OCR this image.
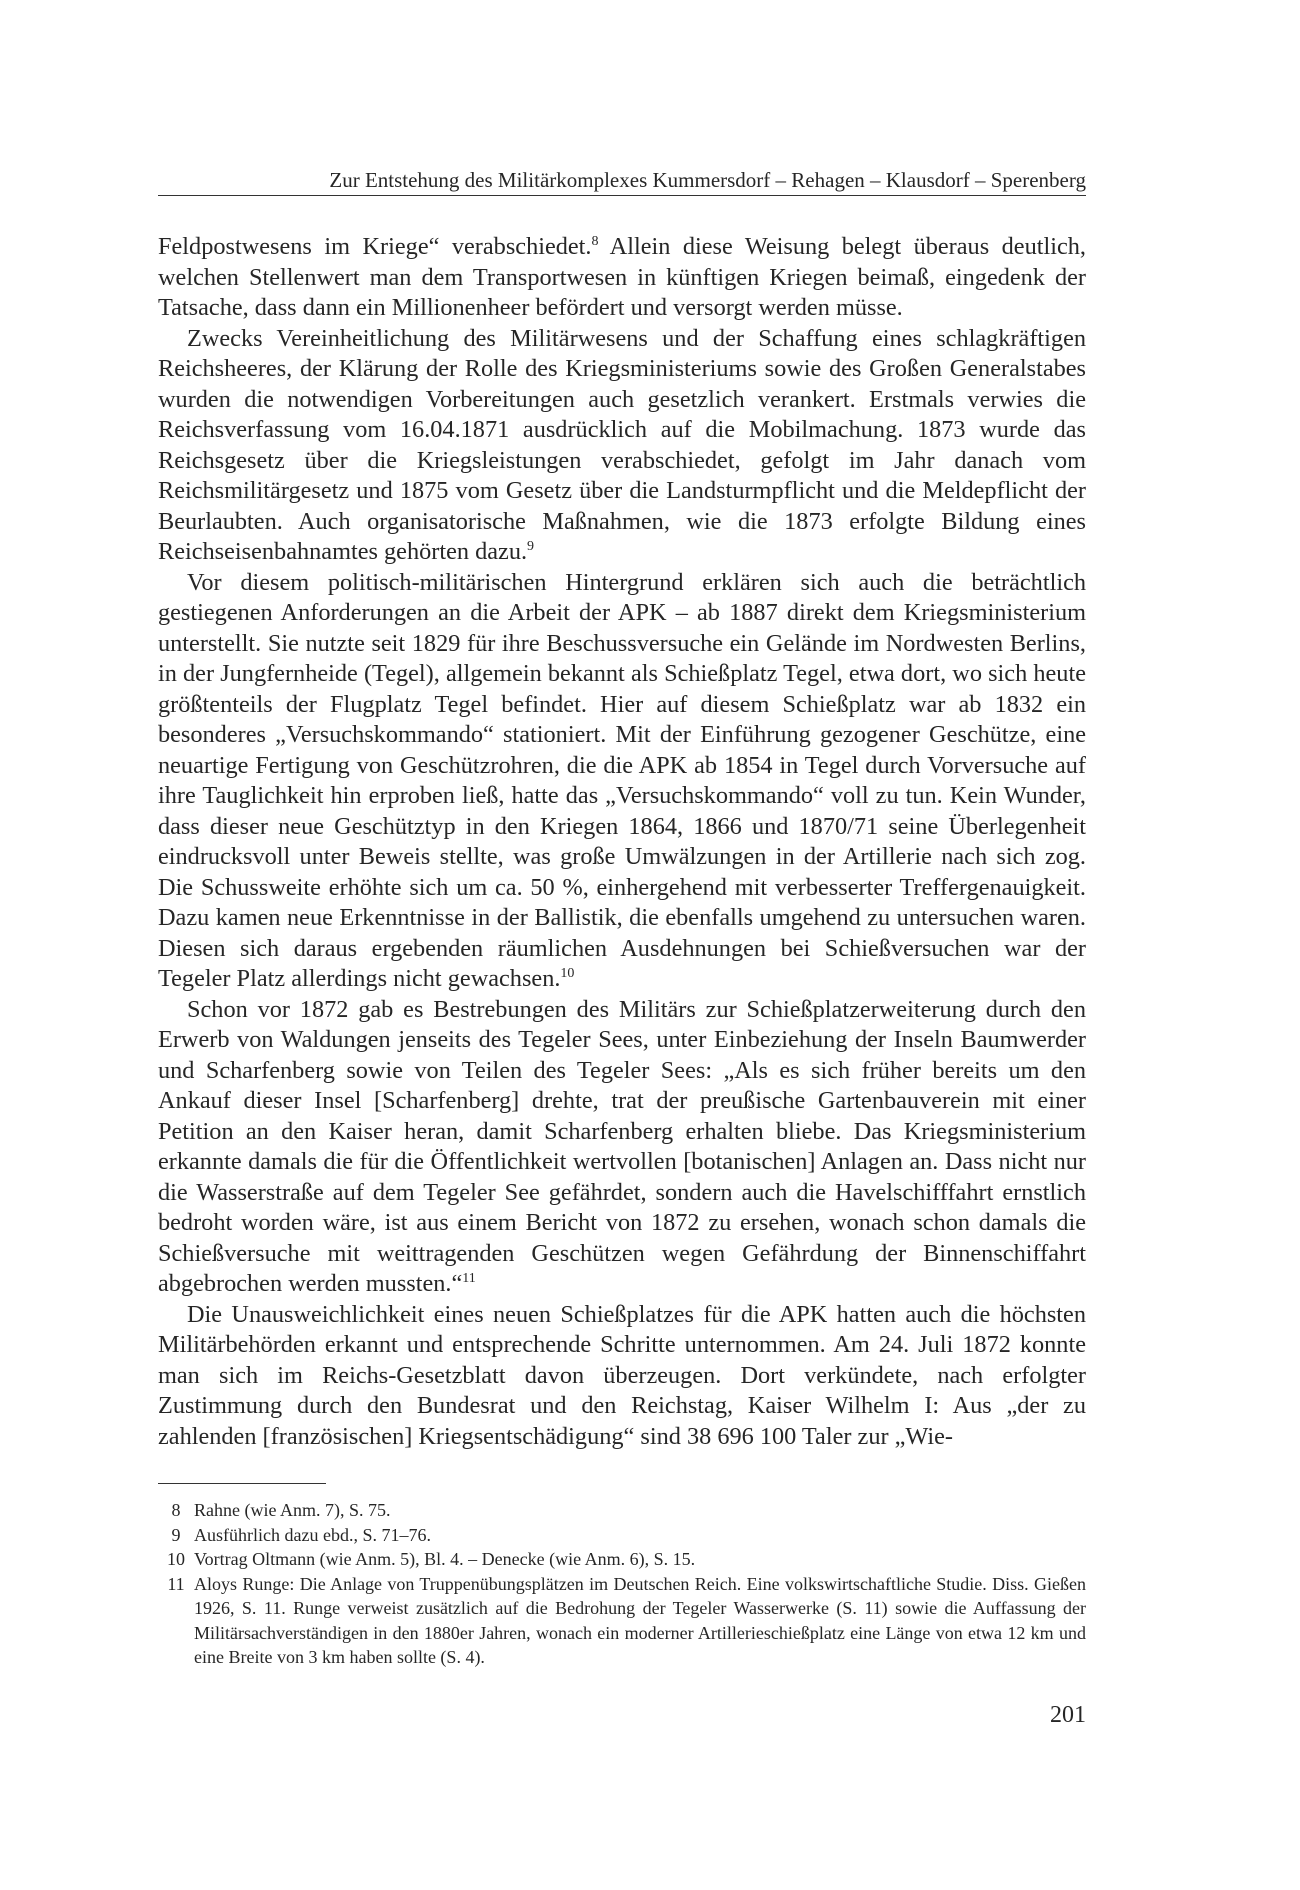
Zur Entstehung des Militärkomplexes Kummersdorf – Rehagen – Klausdorf – Sperenberg

Feldpostwesens im Kriege“ verabschiedet.$^8$ Allein diese Weisung belegt überaus deutlich, welchen Stellenwert man dem Transportwesen in künftigen Kriegen beimaß, eingedenk der Tatsache, dass dann ein Millionenheer befördert und versorgt werden müsse.

Zwecks Vereinheitlichung des Militärwesens und der Schaffung eines schlagkräftigen Reichsheeres, der Klärung der Rolle des Kriegsministeriums sowie des Großen Generalstabes wurden die notwendigen Vorbereitungen auch gesetzlich verankert. Erstmals verwies die Reichsverfassung vom 16.04.1871 ausdrücklich auf die Mobilmachung. 1873 wurde das Reichsgesetz über die Kriegsleistungen verabschiedet, gefolgt im Jahr danach vom Reichsmilitärgesetz und 1875 vom Gesetz über die Landsturmpflicht und die Meldepflicht der Beurlaubten. Auch organisatorische Maßnahmen, wie die 1873 erfolgte Bildung eines Reichseisenbahnamtes gehörten dazu.$^9$

Vor diesem politisch-militärischen Hintergrund erklären sich auch die beträchtlich gestiegenen Anforderungen an die Arbeit der APK – ab 1887 direkt dem Kriegsministerium unterstellt. Sie nutzte seit 1829 für ihre Beschussversuche ein Gelände im Nordwesten Berlins, in der Jungfernheide (Tegel), allgemein bekannt als Schießplatz Tegel, etwa dort, wo sich heute größtenteils der Flugplatz Tegel befindet. Hier auf diesem Schießplatz war ab 1832 ein besonderes „Versuchskommando“ stationiert. Mit der Einführung gezogener Geschütze, eine neuartige Fertigung von Geschützrohren, die die APK ab 1854 in Tegel durch Vorversuche auf ihre Tauglichkeit hin erproben ließ, hatte das „Versuchskommando“ voll zu tun. Kein Wunder, dass dieser neue Geschütztyp in den Kriegen 1864, 1866 und 1870/71 seine Überlegenheit eindrucksvoll unter Beweis stellte, was große Umwälzungen in der Artillerie nach sich zog. Die Schussweite erhöhte sich um ca. 50 %, einhergehend mit verbesserter Treffergenauigkeit. Dazu kamen neue Erkenntnisse in der Ballistik, die ebenfalls umgehend zu untersuchen waren. Diesen sich daraus ergebenden räumlichen Ausdehnungen bei Schießversuchen war der Tegeler Platz allerdings nicht gewachsen.$^{10}$

Schon vor 1872 gab es Bestrebungen des Militärs zur Schießplatzerweiterung durch den Erwerb von Waldungen jenseits des Tegeler Sees, unter Einbeziehung der Inseln Baumwerder und Scharfenberg sowie von Teilen des Tegeler Sees: „Als es sich früher bereits um den Ankauf dieser Insel [Scharfenberg] drehte, trat der preußische Gartenbauverein mit einer Petition an den Kaiser heran, damit Scharfenberg erhalten bliebe. Das Kriegsministerium erkannte damals die für die Öffentlichkeit wertvollen [botanischen] Anlagen an. Dass nicht nur die Wasserstraße auf dem Tegeler See gefährdet, sondern auch die Havelschifffahrt ernstlich bedroht worden wäre, ist aus einem Bericht von 1872 zu ersehen, wonach schon damals die Schießversuche mit weittragenden Geschützen wegen Gefährdung der Binnenschiffahrt abgebrochen werden mussten.“$^{11}$

Die Unausweichlichkeit eines neuen Schießplatzes für die APK hatten auch die höchsten Militärbehörden erkannt und entsprechende Schritte unternommen. Am 24. Juli 1872 konnte man sich im Reichs-Gesetzblatt davon überzeugen. Dort verkündete, nach erfolgter Zustimmung durch den Bundesrat und den Reichstag, Kaiser Wilhelm I: Aus „der zu zahlenden [französischen] Kriegsentschädigung“ sind 38 696 100 Taler zur „Wie-

8 Rahne (wie Anm. 7), S. 75.
9 Ausführlich dazu ebd., S. 71–76.
10 Vortrag Oltmann (wie Anm. 5), Bl. 4. – Denecke (wie Anm. 6), S. 15.
11 Aloys Runge: Die Anlage von Truppenübungsplätzen im Deutschen Reich. Eine volkswirtschaftliche Studie. Diss. Gießen 1926, S. 11. Runge verweist zusätzlich auf die Bedrohung der Tegeler Wasserwerke (S. 11) sowie die Auffassung der Militärsachverständigen in den 1880er Jahren, wonach ein moderner Artillerieschießplatz eine Länge von etwa 12 km und eine Breite von 3 km haben sollte (S. 4).
201
